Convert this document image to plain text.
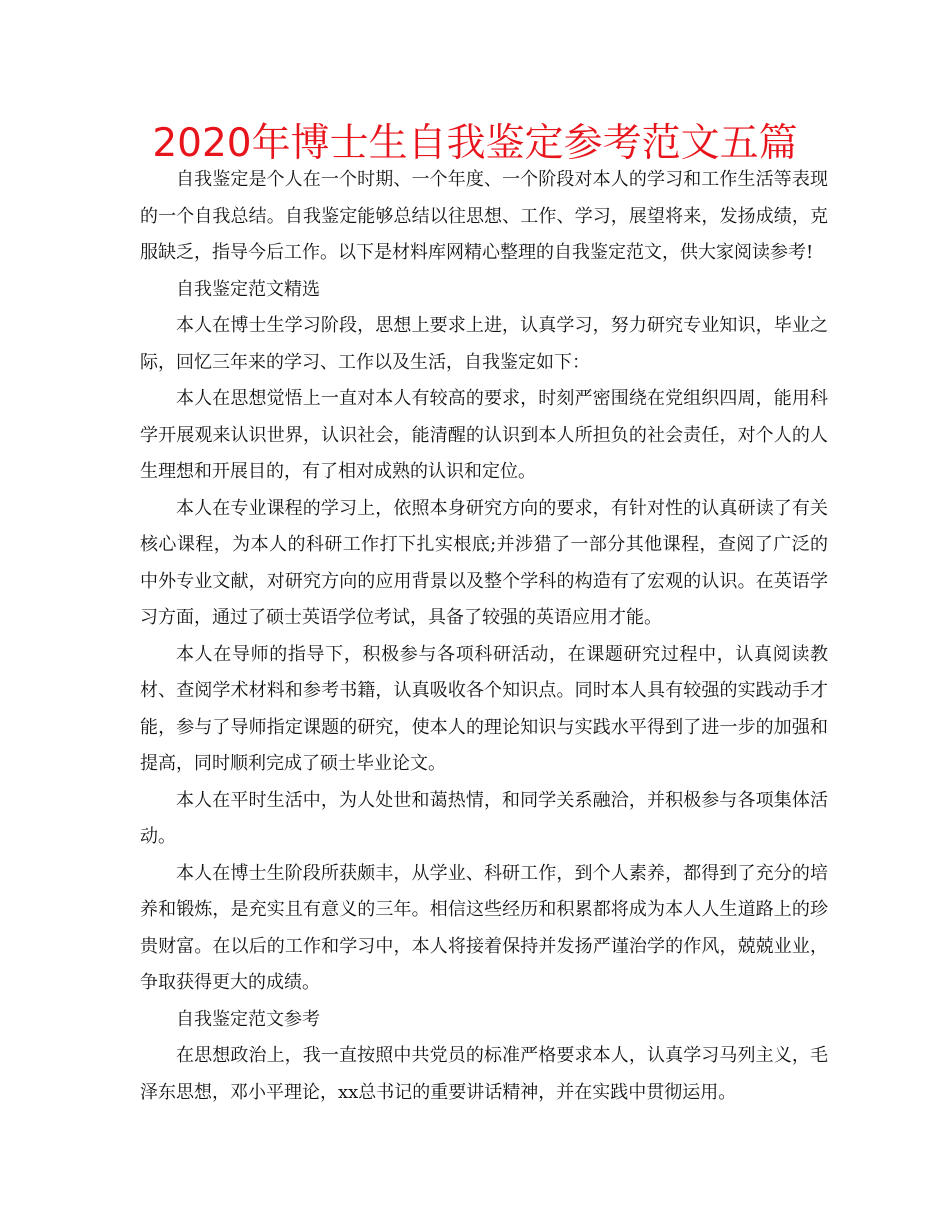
2020年博士生自我鉴定参考范文五篇

自我鉴定是个人在一个时期、一个年度、一个阶段对本人的学习和工作生活等表现的一个自我总结。自我鉴定能够总结以往思想、工作、学习，展望将来，发扬成绩，克服缺乏，指导今后工作。以下是材料库网精心整理的自我鉴定范文，供大家阅读参考!

自我鉴定范文精选

本人在博士生学习阶段，思想上要求上进，认真学习，努力研究专业知识，毕业之际，回忆三年来的学习、工作以及生活，自我鉴定如下：

本人在思想觉悟上一直对本人有较高的要求，时刻严密围绕在党组织四周，能用科学开展观来认识世界，认识社会，能清醒的认识到本人所担负的社会责任，对个人的人生理想和开展目的，有了相对成熟的认识和定位。

本人在专业课程的学习上，依照本身研究方向的要求，有针对性的认真研读了有关核心课程，为本人的科研工作打下扎实根底;并涉猎了一部分其他课程，查阅了广泛的中外专业文献，对研究方向的应用背景以及整个学科的构造有了宏观的认识。在英语学习方面，通过了硕士英语学位考试，具备了较强的英语应用才能。

本人在导师的指导下，积极参与各项科研活动，在课题研究过程中，认真阅读教材、查阅学术材料和参考书籍，认真吸收各个知识点。同时本人具有较强的实践动手才能，参与了导师指定课题的研究，使本人的理论知识与实践水平得到了进一步的加强和提高，同时顺利完成了硕士毕业论文。

本人在平时生活中，为人处世和蔼热情，和同学关系融洽，并积极参与各项集体活动。

本人在博士生阶段所获颇丰，从学业、科研工作，到个人素养，都得到了充分的培养和锻炼，是充实且有意义的三年。相信这些经历和积累都将成为本人人生道路上的珍贵财富。在以后的工作和学习中，本人将接着保持并发扬严谨治学的作风，兢兢业业，争取获得更大的成绩。

自我鉴定范文参考

在思想政治上，我一直按照中共党员的标准严格要求本人，认真学习马列主义，毛泽东思想，邓小平理论，xx总书记的重要讲话精神，并在实践中贯彻运用。
